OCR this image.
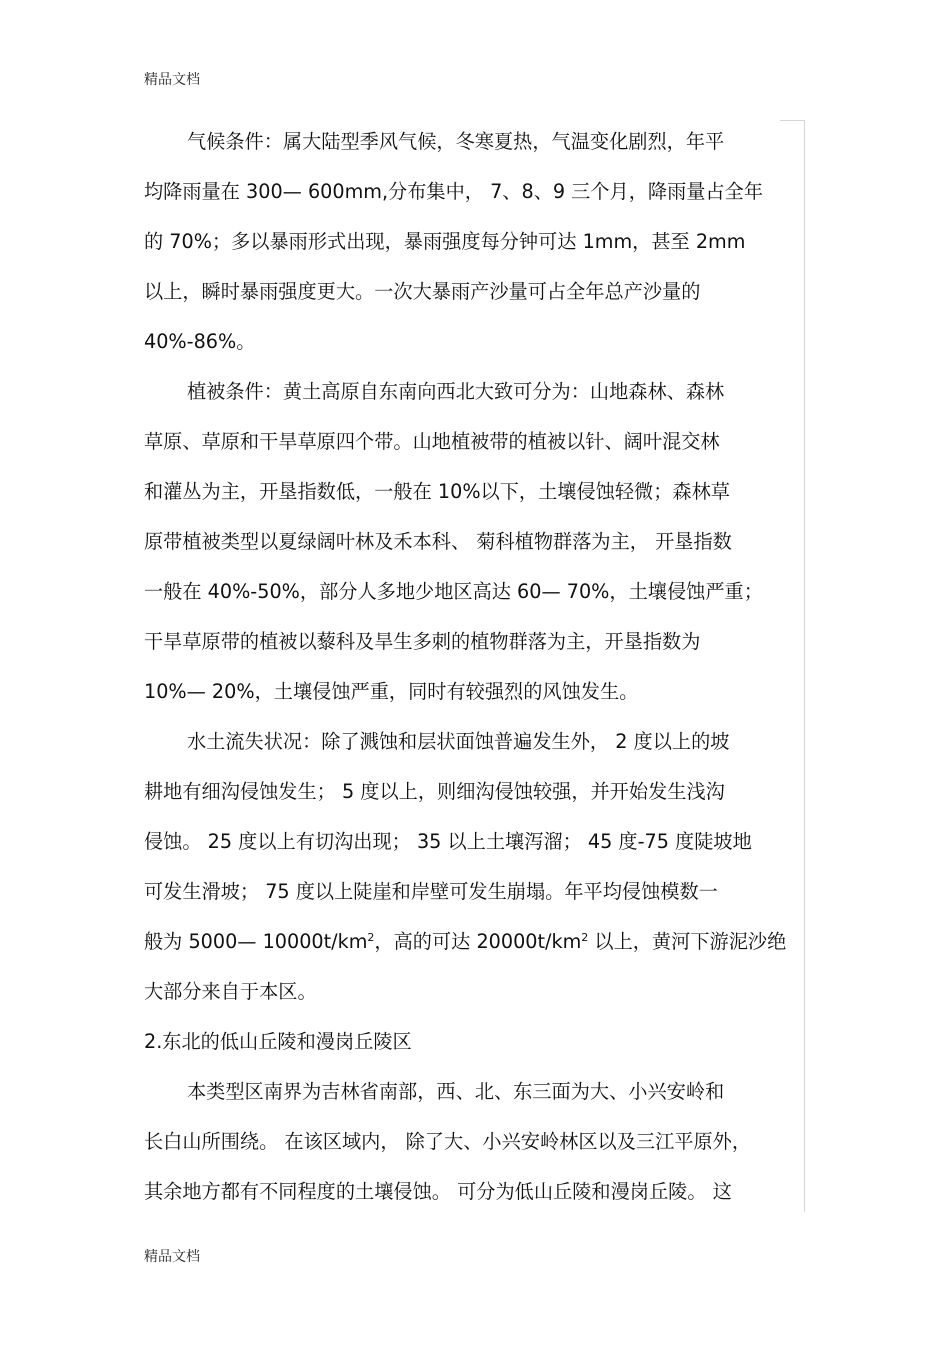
精品文档
气候条件：属大陆型季风气候，冬寒夏热，气温变化剧烈，年平
均降雨量在 300— 600mm,分布集中， 7、8、9 三个月，降雨量占全年
的 70%；多以暴雨形式出现，暴雨强度每分钟可达 1mm，甚至 2mm
以上，瞬时暴雨强度更大。一次大暴雨产沙量可占全年总产沙量的
40%-86%。
植被条件：黄土高原自东南向西北大致可分为：山地森林、森林
草原、草原和干旱草原四个带。山地植被带的植被以针、阔叶混交林
和灌丛为主，开垦指数低，一般在 10%以下，土壤侵蚀轻微；森林草
原带植被类型以夏绿阔叶林及禾本科、 菊科植物群落为主， 开垦指数
一般在 40%-50%，部分人多地少地区高达 60— 70%，土壤侵蚀严重；
干旱草原带的植被以藜科及旱生多刺的植物群落为主，开垦指数为
10%— 20%，土壤侵蚀严重，同时有较强烈的风蚀发生。
水土流失状况：除了溅蚀和层状面蚀普遍发生外， 2 度以上的坡
耕地有细沟侵蚀发生； 5 度以上，则细沟侵蚀较强，并开始发生浅沟
侵蚀。 25 度以上有切沟出现； 35 以上土壤泻溜； 45 度-75 度陡坡地
可发生滑坡； 75 度以上陡崖和岸壁可发生崩塌。年平均侵蚀模数一
般为 5000— $10000t/km^2$，高的可达 $20000t/km^2$ 以上，黄河下游泥沙绝
大部分来自于本区。
2.东北的低山丘陵和漫岗丘陵区
本类型区南界为吉林省南部，西、北、东三面为大、小兴安岭和
长白山所围绕。 在该区域内， 除了大、小兴安岭林区以及三江平原外，
其余地方都有不同程度的土壤侵蚀。 可分为低山丘陵和漫岗丘陵。 这
精品文档
